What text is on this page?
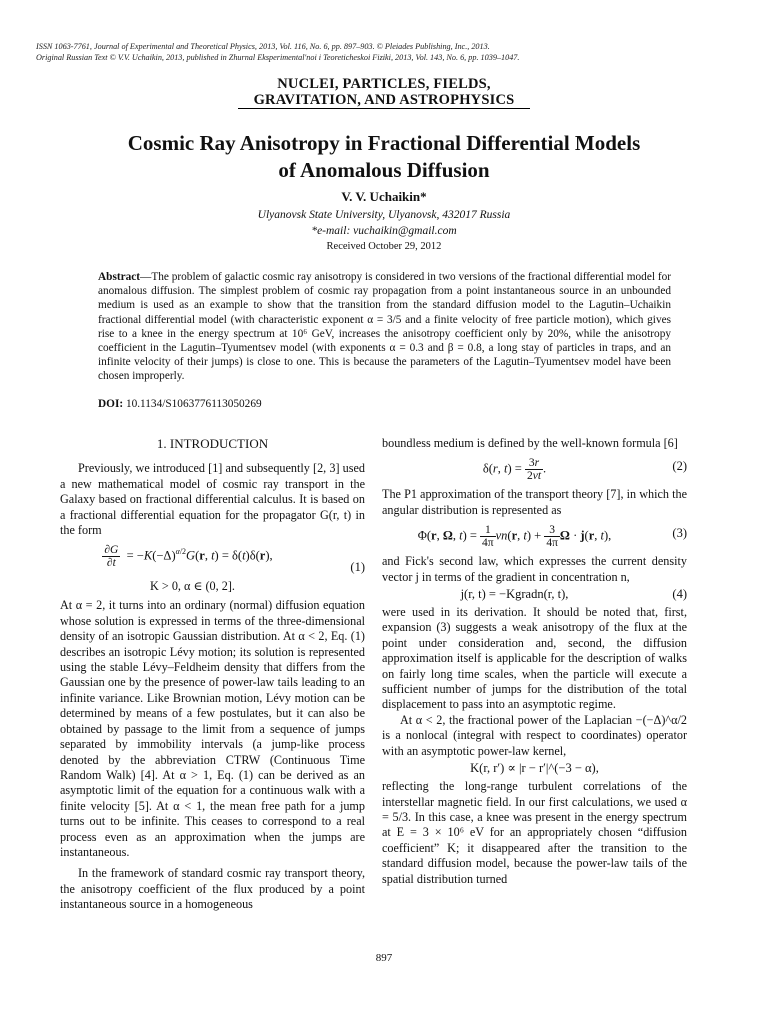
ISSN 1063-7761, Journal of Experimental and Theoretical Physics, 2013, Vol. 116, No. 6, pp. 897–903. © Pleiades Publishing, Inc., 2013.
Original Russian Text © V.V. Uchaikin, 2013, published in Zhurnal Eksperimental'noi i Teoreticheskoi Fiziki, 2013, Vol. 143, No. 6, pp. 1039–1047.
NUCLEI, PARTICLES, FIELDS,
GRAVITATION, AND ASTROPHYSICS
Cosmic Ray Anisotropy in Fractional Differential Models
of Anomalous Diffusion
V. V. Uchaikin*
Ulyanovsk State University, Ulyanovsk, 432017 Russia
*e-mail: vuchaikin@gmail.com
Received October 29, 2012
Abstract—The problem of galactic cosmic ray anisotropy is considered in two versions of the fractional differential model for anomalous diffusion. The simplest problem of cosmic ray propagation from a point instantaneous source in an unbounded medium is used as an example to show that the transition from the standard diffusion model to the Lagutin–Uchaikin fractional differential model (with characteristic exponent α = 3/5 and a finite velocity of free particle motion), which gives rise to a knee in the energy spectrum at 10⁶ GeV, increases the anisotropy coefficient only by 20%, while the anisotropy coefficient in the Lagutin–Tyumentsev model (with exponents α = 0.3 and β = 0.8, a long stay of particles in traps, and an infinite velocity of their jumps) is close to one. This is because the parameters of the Lagutin–Tyumentsev model have been chosen improperly.
DOI: 10.1134/S1063776113050269
1. INTRODUCTION

Previously, we introduced [1] and subsequently [2, 3] used a new mathematical model of cosmic ray transport in the Galaxy based on fractional differential calculus. It is based on a fractional differential equation for the propagator G(r, t) in the form

$\frac{\partial G}{\partial t} = -K(-\Delta)^{\alpha/2}G(r$, t) = δ(t)δ(r),
(1)
K > 0, α ∈ (0, 2].

At α = 2, it turns into an ordinary (normal) diffusion equation whose solution is expressed in terms of the three-dimensional density of an isotropic Gaussian distribution. At α < 2, Eq. (1) describes an isotropic Lévy motion; its solution is represented using the stable Lévy–Feldheim density that differs from the Gaussian one by the presence of power-law tails leading to an infinite variance. Like Brownian motion, Lévy motion can be determined by means of a few postulates, but it can also be obtained by passage to the limit from a sequence of jumps separated by immobility intervals (a jump-like process denoted by the abbreviation CTRW (Continuous Time Random Walk) [4]. At α > 1, Eq. (1) can be derived as an asymptotic limit of the equation for a continuous walk with a finite velocity [5]. At α < 1, the mean free path for a jump turns out to be infinite. This ceases to correspond to a real process even as an approximation when the jumps are instantaneous.

In the framework of standard cosmic ray transport theory, the anisotropy coefficient of the flux produced by a point instantaneous source in a homogeneous

boundless medium is defined by the well-known formula [6]

δ(r, $t) = \frac{3r}{2\nu t}$ .	(2)

The P1 approximation of the transport theory [7], in which the angular distribution is represented as

Φ(r, Ω, $t) = \frac{1}{4\pi} \nu n(r$, $t) + \frac{3}{4\pi}$ Ω · j(r, t),	(3)

and Fick's second law, which expresses the current density vector j in terms of the gradient in concentration n,

j(r, t) = −Kgradn(r, t),	(4)

were used in its derivation. It should be noted that, first, expansion (3) suggests a weak anisotropy of the flux at the point under consideration and, second, the diffusion approximation itself is applicable for the description of walks on fairly long time scales, when the particle will execute a sufficient number of jumps for the distribution of the total displacement to pass into an asymptotic regime.

At α < 2, the fractional power of the Laplacian −(−Δ)^α/2 is a nonlocal (integral with respect to coordinates) operator with an asymptotic power-law kernel,

K(r, r′) ∝ |r − r′|^(−3 − α),

reflecting the long-range turbulent correlations of the interstellar magnetic field. In our first calculations, we used α = 5/3. In this case, a knee was present in the energy spectrum at E = 3 × 10⁶ eV for an appropriately chosen “diffusion coefficient” K; it disappeared after the transition to the standard diffusion model, because the power-law tails of the spatial distribution turned

897
